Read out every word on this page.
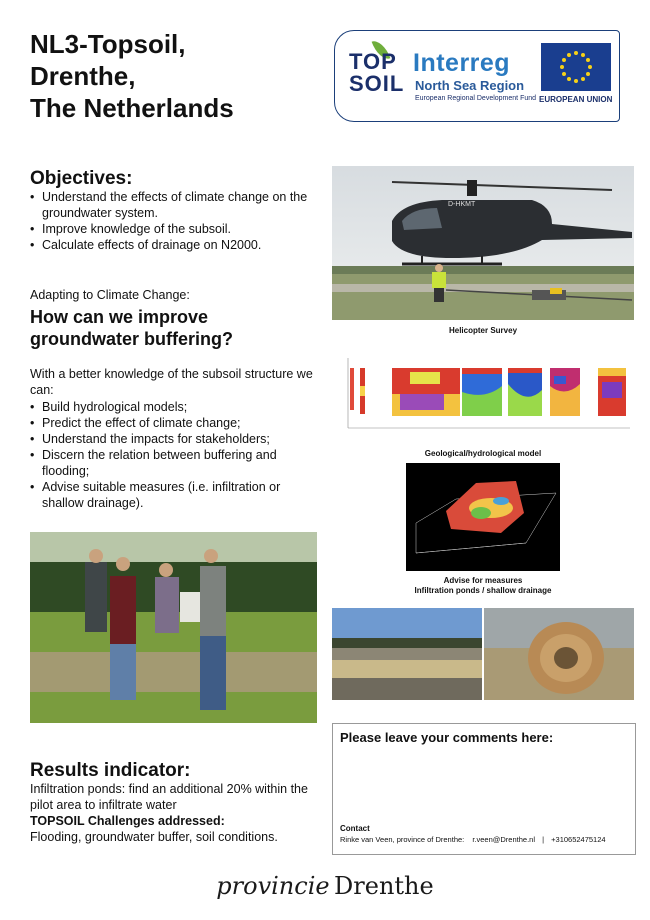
NL3-Topsoil,
Drenthe,
The Netherlands
TOP
SOIL
Interreg
North Sea Region
European Regional Development Fund EUROPEAN UNION
Objectives:
• Understand the effects of climate change on the groundwater system.
• Improve knowledge of the subsoil.
• Calculate effects of drainage on N2000.
Adapting to Climate Change:
How can we improve groundwater buffering?
With a better knowledge of the subsoil structure we can:
• Build hydrological models;
• Predict the effect of climate change;
• Understand the impacts for stakeholders;
• Discern the relation between buffering and flooding;
• Advise suitable measures (i.e. infiltration or shallow drainage).
D-HKMT
Helicopter Survey
Geological/hydrological model
Advise for measures
Infiltration ponds / shallow drainage
Results indicator:
Infiltration ponds: find an additional 20% within the pilot area to infiltrate water
TOPSOIL Challenges addressed:
Flooding, groundwater buffer, soil conditions.
Please leave your comments here:
Contact
Rinke van Veen, province of Drenthe: r.veen@Drenthe.nl | +310652475124
provincie Drenthe
